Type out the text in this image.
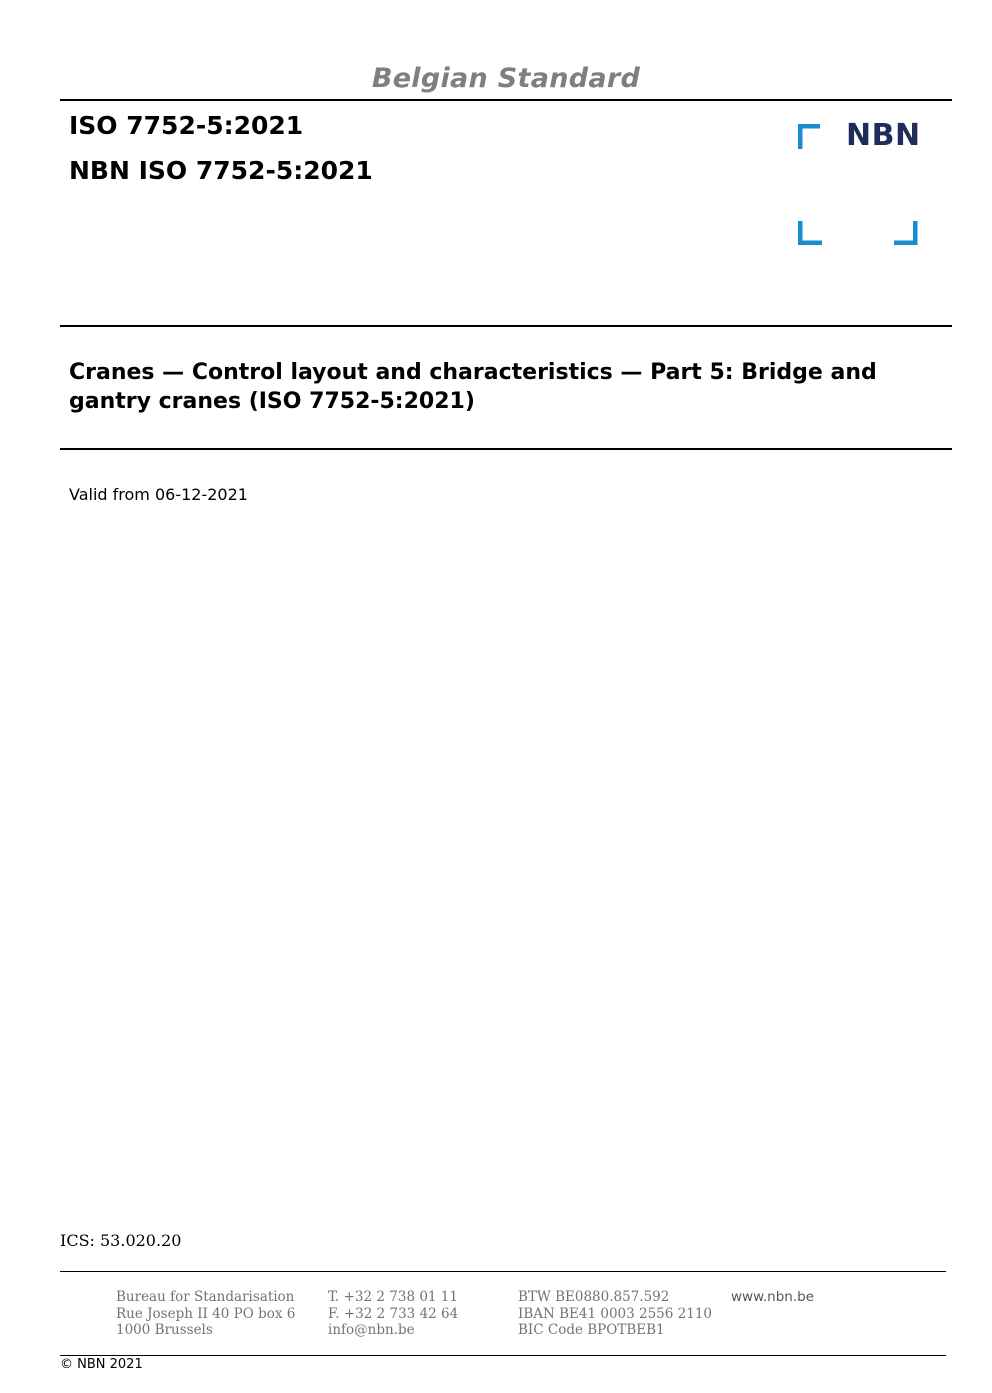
Belgian Standard
ISO 7752-5:2021
NBN ISO 7752-5:2021
NBN
Cranes — Control layout and characteristics — Part 5: Bridge and
gantry cranes (ISO 7752-5:2021)
Valid from 06-12-2021
ICS: 53.020.20
Bureau for Standarisation
Rue Joseph II 40 PO box 6
1000 Brussels
T. +32 2 738 01 11
F. +32 2 733 42 64
info@nbn.be
BTW BE0880.857.592
IBAN BE41 0003 2556 2110
BIC Code BPOTBEB1
www.nbn.be
© NBN 2021
